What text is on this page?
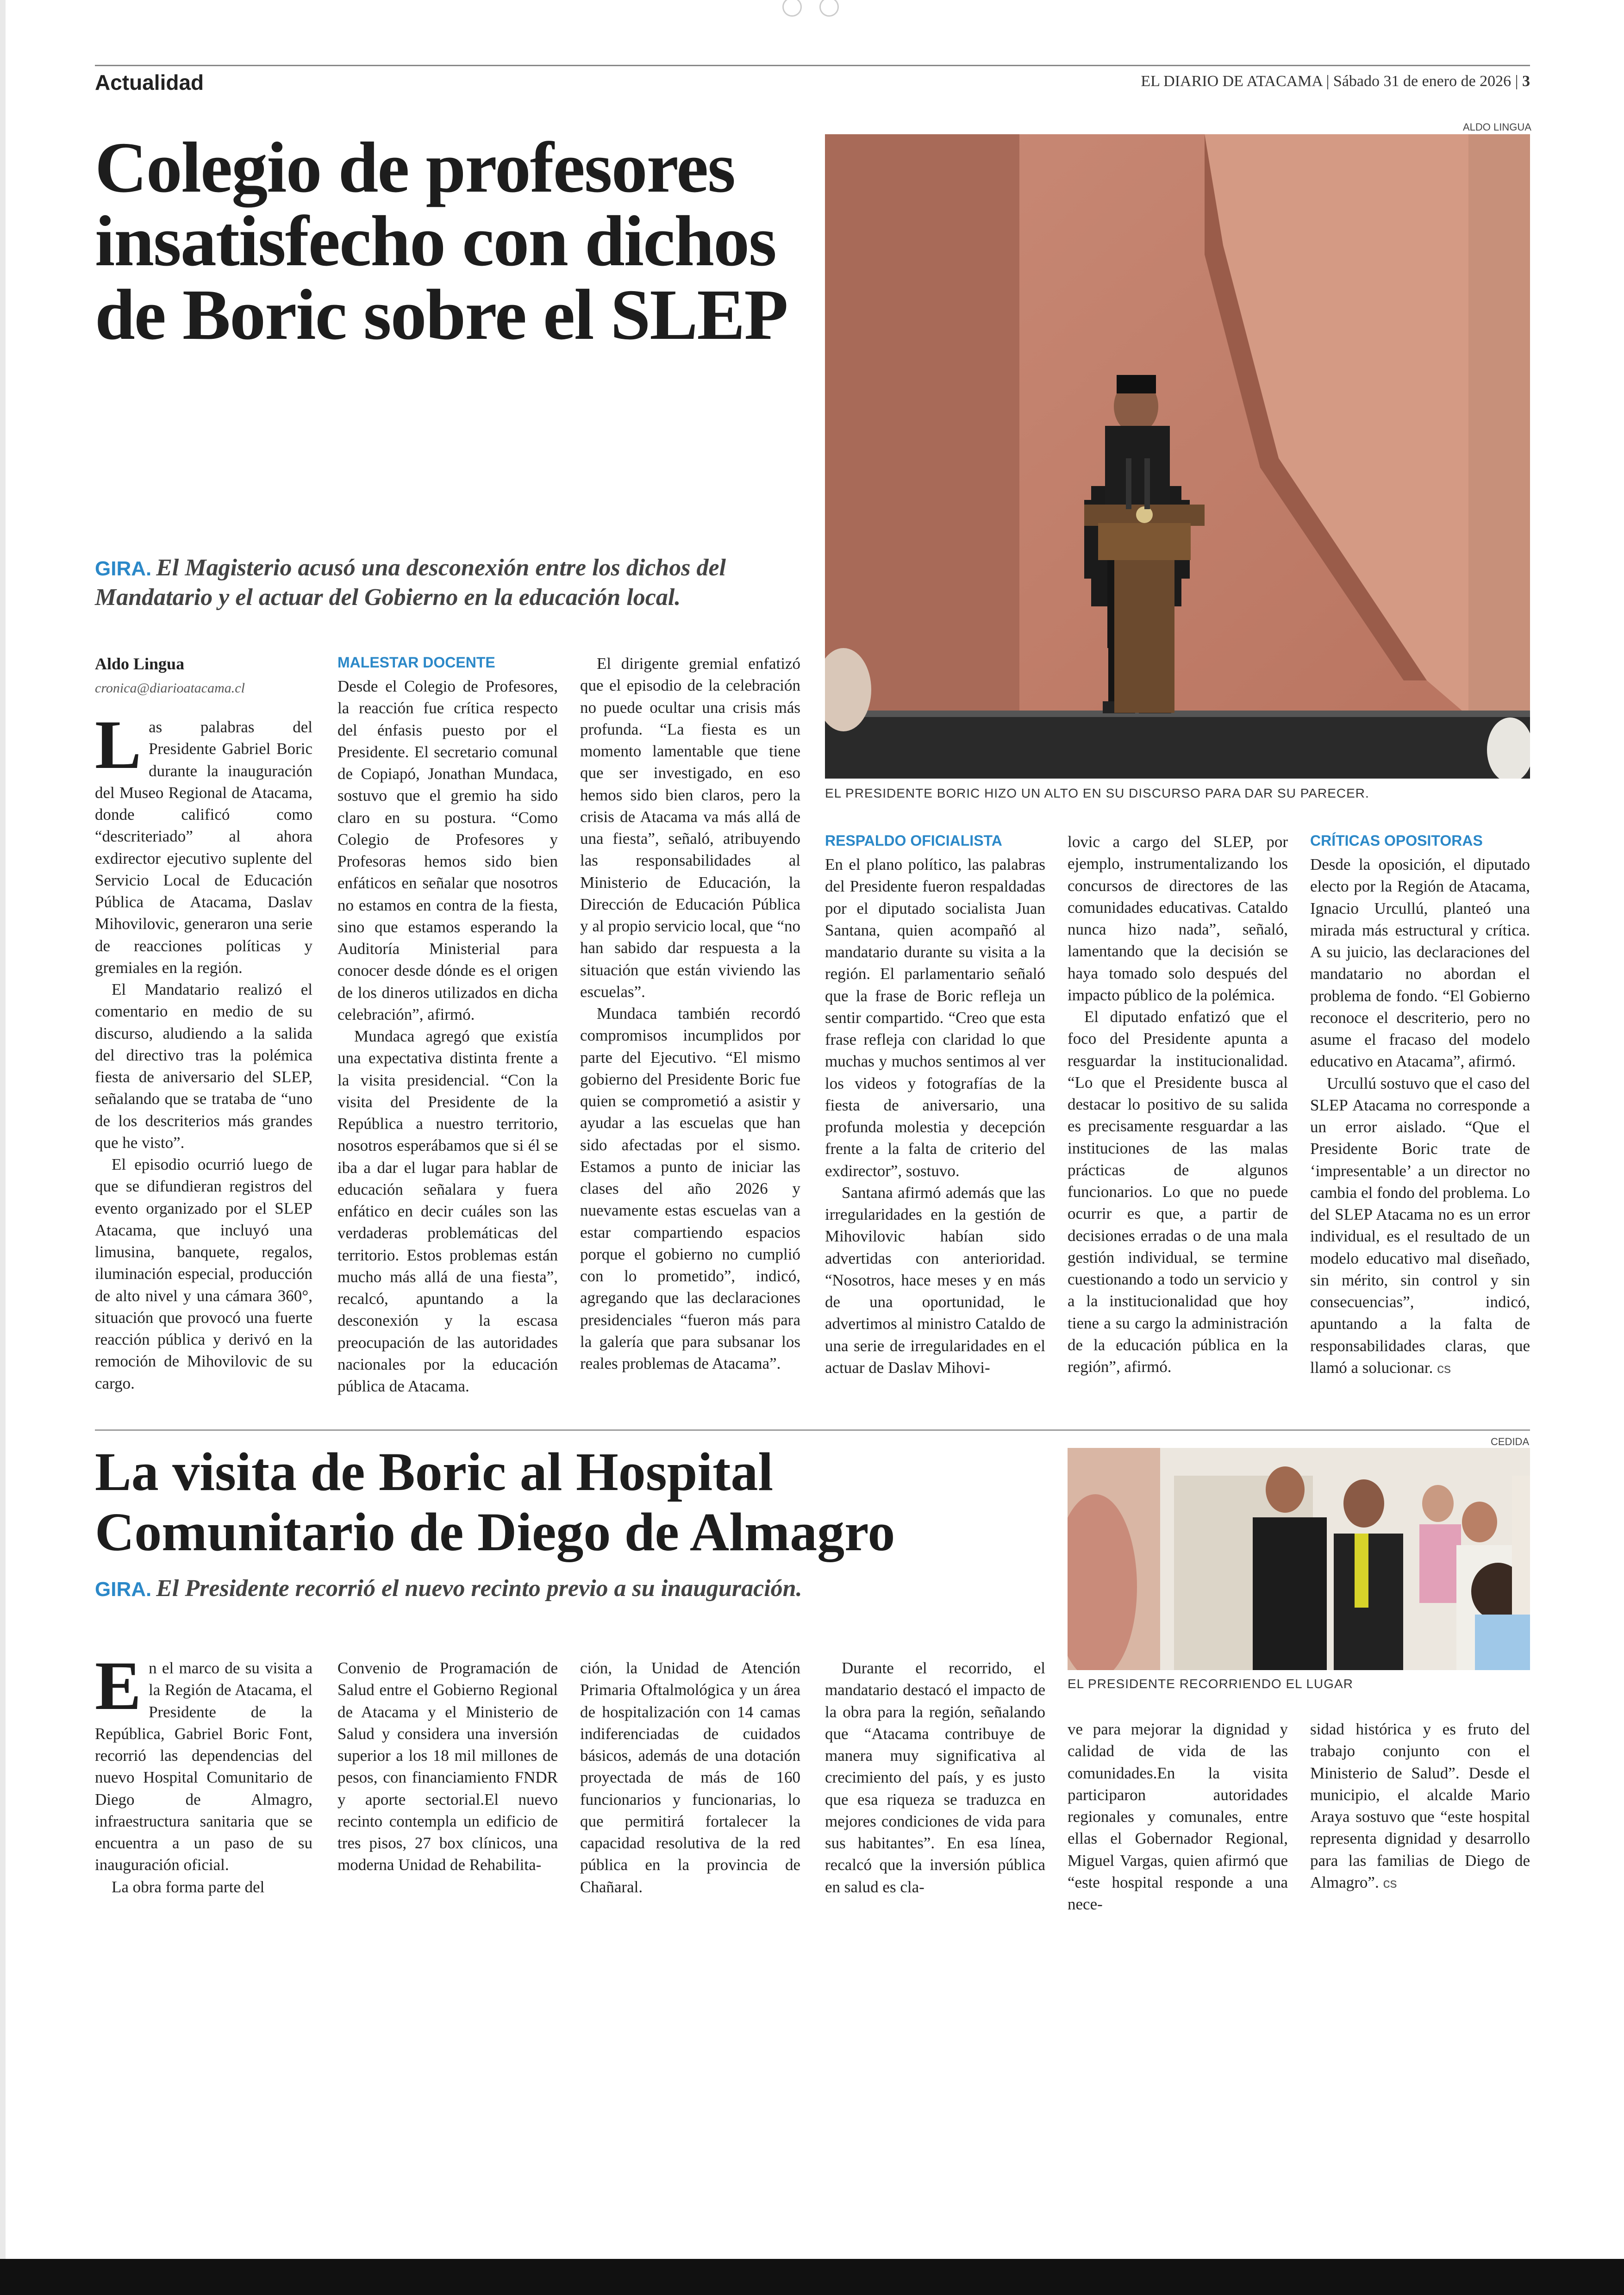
Actualidad	EL DIARIO DE ATACAMA | Sábado 31 de enero de 2026 | 3
Colegio de profesores insatisfecho con dichos de Boric sobre el SLEP
GIRA. El Magisterio acusó una desconexión entre los dichos del Mandatario y el actuar del Gobierno en la educación local.
ALDO LINGUA
EL PRESIDENTE BORIC HIZO UN ALTO EN SU DISCURSO PARA DAR SU PARECER.
Aldo Lingua
cronica@diarioatacama.cl

Las palabras del Presidente Gabriel Boric durante la inauguración del Museo Regional de Atacama, donde calificó como “descriteriado” al ahora exdirector ejecutivo suplente del Servicio Local de Educación Pública de Atacama, Daslav Mihovilovic, generaron una serie de reacciones políticas y gremiales en la región.

El Mandatario realizó el comentario en medio de su discurso, aludiendo a la salida del directivo tras la polémica fiesta de aniversario del SLEP, señalando que se trataba de “uno de los descriterios más grandes que he visto”.

El episodio ocurrió luego de que se difundieran registros del evento organizado por el SLEP Atacama, que incluyó una limusina, banquete, regalos, iluminación especial, producción de alto nivel y una cámara 360°, situación que provocó una fuerte reacción pública y derivó en la remoción de Mihovilovic de su cargo.

MALESTAR DOCENTE

Desde el Colegio de Profesores, la reacción fue crítica respecto del énfasis puesto por el Presidente. El secretario comunal de Copiapó, Jonathan Mundaca, sostuvo que el gremio ha sido claro en su postura. “Como Colegio de Profesores y Profesoras hemos sido bien enfáticos en señalar que nosotros no estamos en contra de la fiesta, sino que estamos esperando la Auditoría Ministerial para conocer desde dónde es el origen de los dineros utilizados en dicha celebración”, afirmó.

Mundaca agregó que existía una expectativa distinta frente a la visita presidencial. “Con la visita del Presidente de la República a nuestro territorio, nosotros esperábamos que si él se iba a dar el lugar para hablar de educación señalara y fuera enfático en decir cuáles son las verdaderas problemáticas del territorio. Estos problemas están mucho más allá de una fiesta”, recalcó, apuntando a la desconexión y la escasa preocupación de las autoridades nacionales por la educación pública de Atacama.

El dirigente gremial enfatizó que el episodio de la celebración no puede ocultar una crisis más profunda. “La fiesta es un momento lamentable que tiene que ser investigado, en eso hemos sido bien claros, pero la crisis de Atacama va más allá de una fiesta”, señaló, atribuyendo las responsabilidades al Ministerio de Educación, la Dirección de Educación Pública y al propio servicio local, que “no han sabido dar respuesta a la situación que están viviendo las escuelas”.

Mundaca también recordó compromisos incumplidos por parte del Ejecutivo. “El mismo gobierno del Presidente Boric fue quien se comprometió a asistir y ayudar a las escuelas que han sido afectadas por el sismo. Estamos a punto de iniciar las clases del año 2026 y nuevamente estas escuelas van a estar compartiendo espacios porque el gobierno no cumplió con lo prometido”, indicó, agregando que las declaraciones presidenciales “fueron más para la galería que para subsanar los reales problemas de Atacama”.

RESPALDO OFICIALISTA

En el plano político, las palabras del Presidente fueron respaldadas por el diputado socialista Juan Santana, quien acompañó al mandatario durante su visita a la región. El parlamentario señaló que la frase de Boric refleja un sentir compartido. “Creo que esta frase refleja con claridad lo que muchas y muchos sentimos al ver los videos y fotografías de la fiesta de aniversario, una profunda molestia y decepción frente a la falta de criterio del exdirector”, sostuvo.

Santana afirmó además que las irregularidades en la gestión de Mihovilovic habían sido advertidas con anterioridad. “Nosotros, hace meses y en más de una oportunidad, le advertimos al ministro Cataldo de una serie de irregularidades en el actuar de Daslav Mihovi-

lovic a cargo del SLEP, por ejemplo, instrumentalizando los concursos de directores de las comunidades educativas. Cataldo nunca hizo nada”, señaló, lamentando que la decisión se haya tomado solo después del impacto público de la polémica.

El diputado enfatizó que el foco del Presidente apunta a resguardar la institucionalidad. “Lo que el Presidente busca al destacar lo positivo de su salida es precisamente resguardar a las instituciones de las malas prácticas de algunos funcionarios. Lo que no puede ocurrir es que, a partir de decisiones erradas o de una mala gestión individual, se termine cuestionando a todo un servicio y a la institucionalidad que hoy tiene a su cargo la administración de la educación pública en la región”, afirmó.

CRÍTICAS OPOSITORAS

Desde la oposición, el diputado electo por la Región de Atacama, Ignacio Urcullú, planteó una mirada más estructural y crítica. A su juicio, las declaraciones del mandatario no abordan el problema de fondo. “El Gobierno reconoce el descriterio, pero no asume el fracaso del modelo educativo en Atacama”, afirmó.

Urcullú sostuvo que el caso del SLEP Atacama no corresponde a un error aislado. “Que el Presidente Boric trate de ‘impresentable’ a un director no cambia el fondo del problema. Lo del SLEP Atacama no es un error individual, es el resultado de un modelo educativo mal diseñado, sin mérito, sin control y sin consecuencias”, indicó, apuntando a la falta de responsabilidades claras, que llamó a solucionar. cs

La visita de Boric al Hospital Comunitario de Diego de Almagro
GIRA. El Presidente recorrió el nuevo recinto previo a su inauguración.
CEDIDA
EL PRESIDENTE RECORRIENDO EL LUGAR

En el marco de su visita a la Región de Atacama, el Presidente de la República, Gabriel Boric Font, recorrió las dependencias del nuevo Hospital Comunitario de Diego de Almagro, infraestructura sanitaria que se encuentra a un paso de su inauguración oficial.

La obra forma parte del

Convenio de Programación de Salud entre el Gobierno Regional de Atacama y el Ministerio de Salud y considera una inversión superior a los 18 mil millones de pesos, con financiamiento FNDR y aporte sectorial.El nuevo recinto contempla un edificio de tres pisos, 27 box clínicos, una moderna Unidad de Rehabilita-

ción, la Unidad de Atención Primaria Oftalmológica y un área de hospitalización con 14 camas indiferenciadas de cuidados básicos, además de una dotación proyectada de más de 160 funcionarios y funcionarias, lo que permitirá fortalecer la capacidad resolutiva de la red pública en la provincia de Chañaral.

Durante el recorrido, el mandatario destacó el impacto de la obra para la región, señalando que “Atacama contribuye de manera muy significativa al crecimiento del país, y es justo que esa riqueza se traduzca en mejores condiciones de vida para sus habitantes”. En esa línea, recalcó que la inversión pública en salud es cla-

ve para mejorar la dignidad y calidad de vida de las comunidades.En la visita participaron autoridades regionales y comunales, entre ellas el Gobernador Regional, Miguel Vargas, quien afirmó que “este hospital responde a una nece-

sidad histórica y es fruto del trabajo conjunto con el Ministerio de Salud”. Desde el municipio, el alcalde Mario Araya sostuvo que “este hospital representa dignidad y desarrollo para las familias de Diego de Almagro”. cs
